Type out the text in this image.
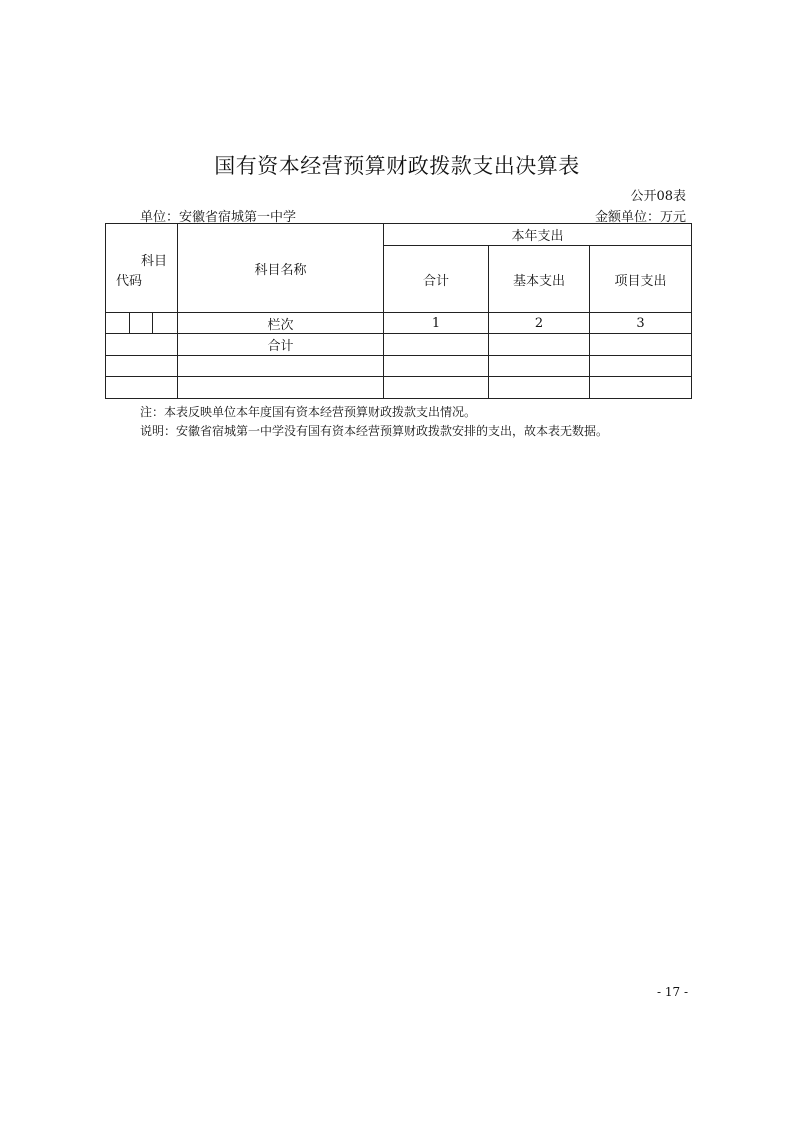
国有资本经营预算财政拨款支出决算表
公开08表
单位：安徽省宿城第一中学	金额单位：万元
科目
代码			科目名称	本年支出		
				合计	基本支出	项目支出
			栏次	1	2	3
			合计			

注：本表反映单位本年度国有资本经营预算财政拨款支出情况。
说明：安徽省宿城第一中学没有国有资本经营预算财政拨款安排的支出，故本表无数据。
- 17 -
